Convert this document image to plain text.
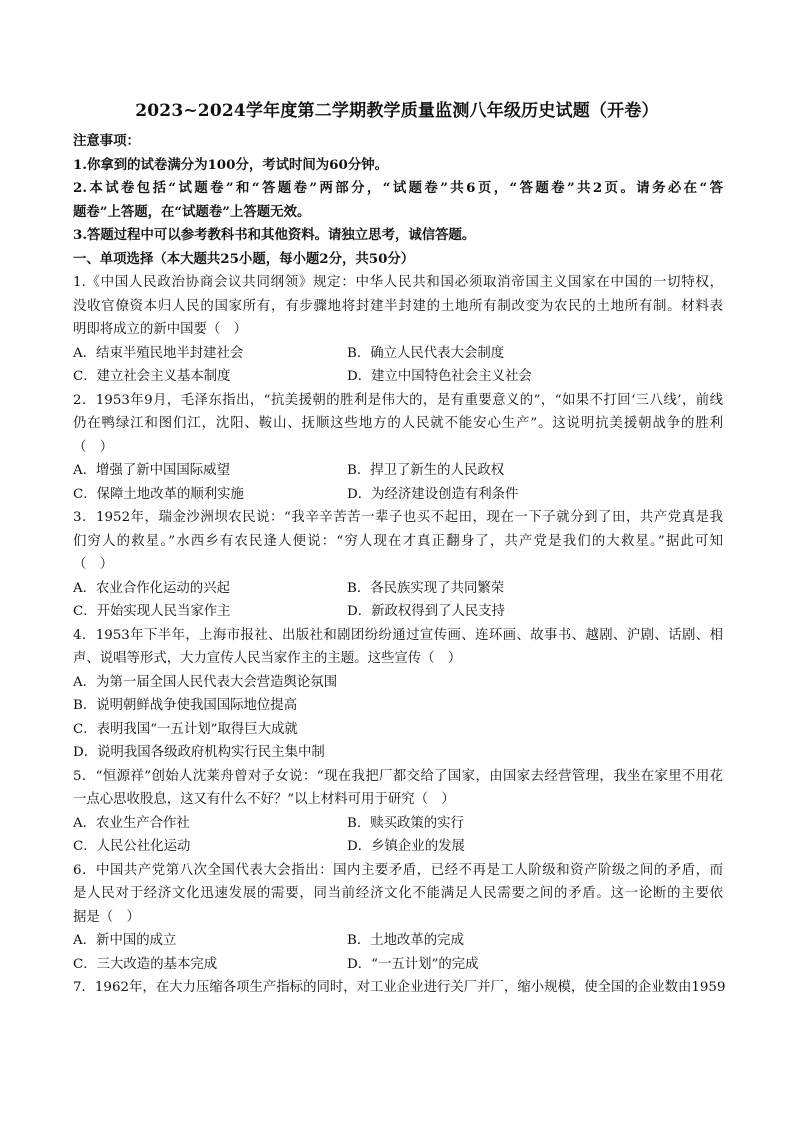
2023~2024学年度第二学期教学质量监测八年级历史试题（开卷）
注意事项：
1.你拿到的试卷满分为100分，考试时间为60分钟。
2.本试卷包括“试题卷”和“答题卷”两部分，“试题卷”共6页，“答题卷”共2页。请务必在“答
题卷”上答题，在“试题卷”上答题无效。
3.答题过程中可以参考教科书和其他资料。请独立思考，诚信答题。
一、单项选择（本大题共25小题，每小题2分，共50分）
1.《中国人民政治协商会议共同纲领》规定：中华人民共和国必须取消帝国主义国家在中国的一切特权，
没收官僚资本归人民的国家所有，有步骤地将封建半封建的土地所有制改变为农民的土地所有制。材料表
明即将成立的新中国要（　）
A．结束半殖民地半封建社会	B．确立人民代表大会制度
C．建立社会主义基本制度	D．建立中国特色社会主义社会
2．1953年9月，毛泽东指出，“抗美援朝的胜利是伟大的，是有重要意义的”，“如果不打回‘三八线’，前线
仍在鸭绿江和图们江，沈阳、鞍山、抚顺这些地方的人民就不能安心生产”。这说明抗美援朝战争的胜利
（　）
A．增强了新中国国际威望	B．捍卫了新生的人民政权
C．保障土地改革的顺利实施	D．为经济建设创造有利条件
3．1952年，瑞金沙洲坝农民说：“我辛辛苦苦一辈子也买不起田，现在一下子就分到了田，共产党真是我
们穷人的救星。”水西乡有农民逢人便说：“穷人现在才真正翻身了，共产党是我们的大救星。”据此可知
（　）
A．农业合作化运动的兴起	B．各民族实现了共同繁荣
C．开始实现人民当家作主	D．新政权得到了人民支持
4．1953年下半年，上海市报社、出版社和剧团纷纷通过宣传画、连环画、故事书、越剧、沪剧、话剧、相
声、说唱等形式，大力宣传人民当家作主的主题。这些宣传（　）
A．为第一届全国人民代表大会营造舆论氛围
B．说明朝鲜战争使我国国际地位提高
C．表明我国“一五计划”取得巨大成就
D．说明我国各级政府机构实行民主集中制
5．“恒源祥”创始人沈莱舟曾对子女说：“现在我把厂都交给了国家，由国家去经营管理，我坐在家里不用花
一点心思收股息，这又有什么不好？”以上材料可用于研究（　）
A．农业生产合作社	B．赎买政策的实行
C．人民公社化运动	D．乡镇企业的发展
6．中国共产党第八次全国代表大会指出：国内主要矛盾，已经不再是工人阶级和资产阶级之间的矛盾，而
是人民对于经济文化迅速发展的需要，同当前经济文化不能满足人民需要之间的矛盾。这一论断的主要依
据是（　）
A．新中国的成立	B．土地改革的完成
C．三大改造的基本完成	D．“一五计划”的完成
7．1962年，在大力压缩各项生产指标的同时，对工业企业进行关厂并厂，缩小规模，使全国的企业数由1959
